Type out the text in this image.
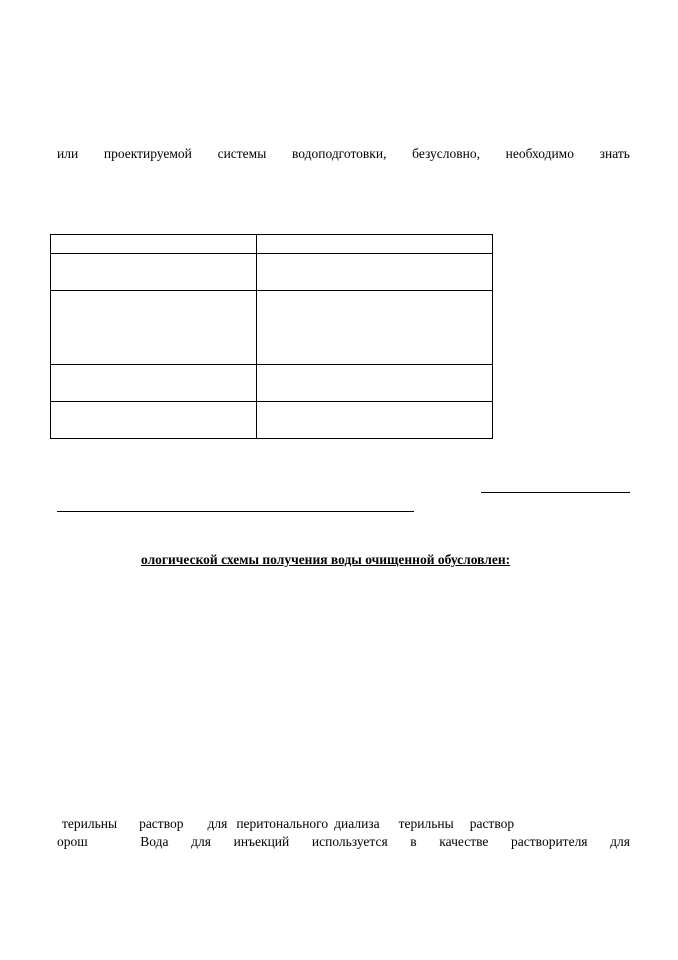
или проектируемой системы водоподготовки, безусловно, необходимо знать

ологической схемы получения воды очищенной обусловлен:
терильны раствор для перитонального диализа терильны раствор
орош	Вода для инъекций используется в качестве растворителя для
